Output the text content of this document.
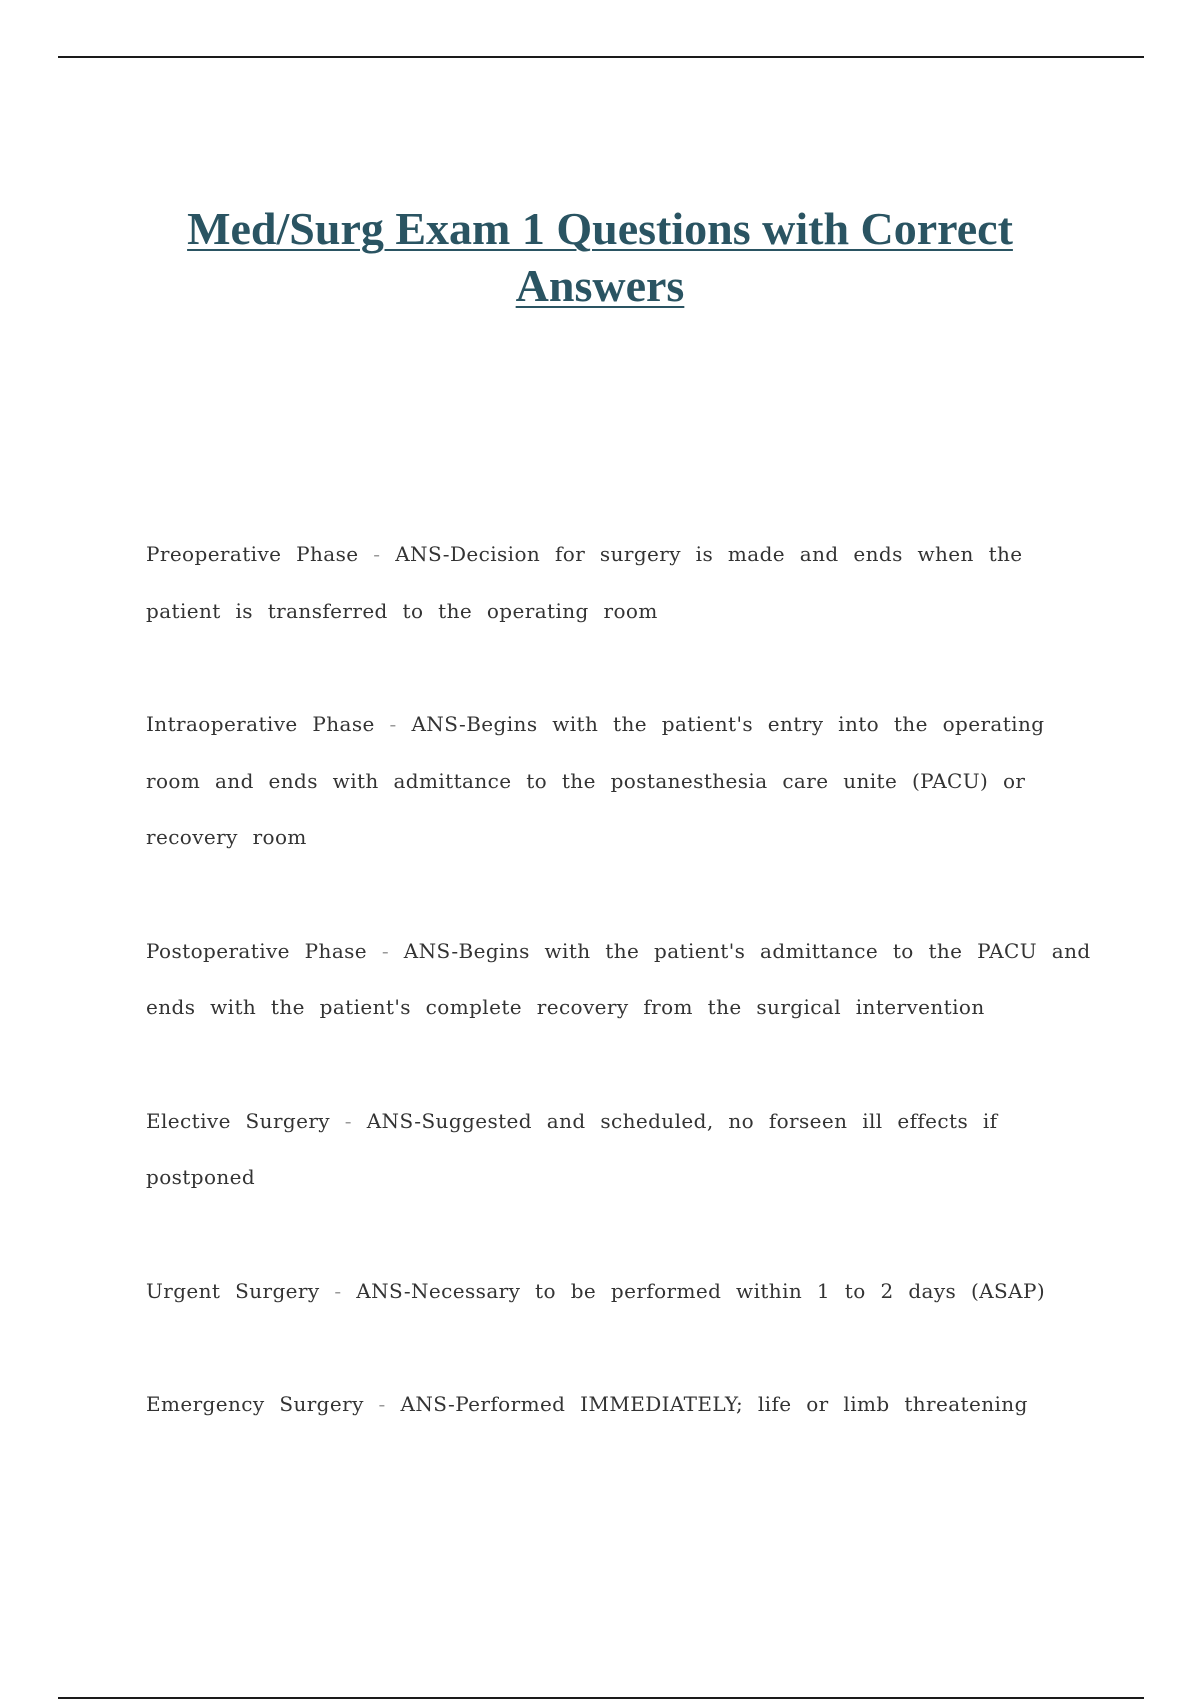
Med/Surg Exam 1 Questions with Correct Answers

Preoperative Phase - ANS-Decision for surgery is made and ends when the patient is transferred to the operating room

Intraoperative Phase - ANS-Begins with the patient's entry into the operating room and ends with admittance to the postanesthesia care unite (PACU) or recovery room

Postoperative Phase - ANS-Begins with the patient's admittance to the PACU and ends with the patient's complete recovery from the surgical intervention

Elective Surgery - ANS-Suggested and scheduled, no forseen ill effects if postponed

Urgent Surgery - ANS-Necessary to be performed within 1 to 2 days (ASAP)

Emergency Surgery - ANS-Performed IMMEDIATELY; life or limb threatening
